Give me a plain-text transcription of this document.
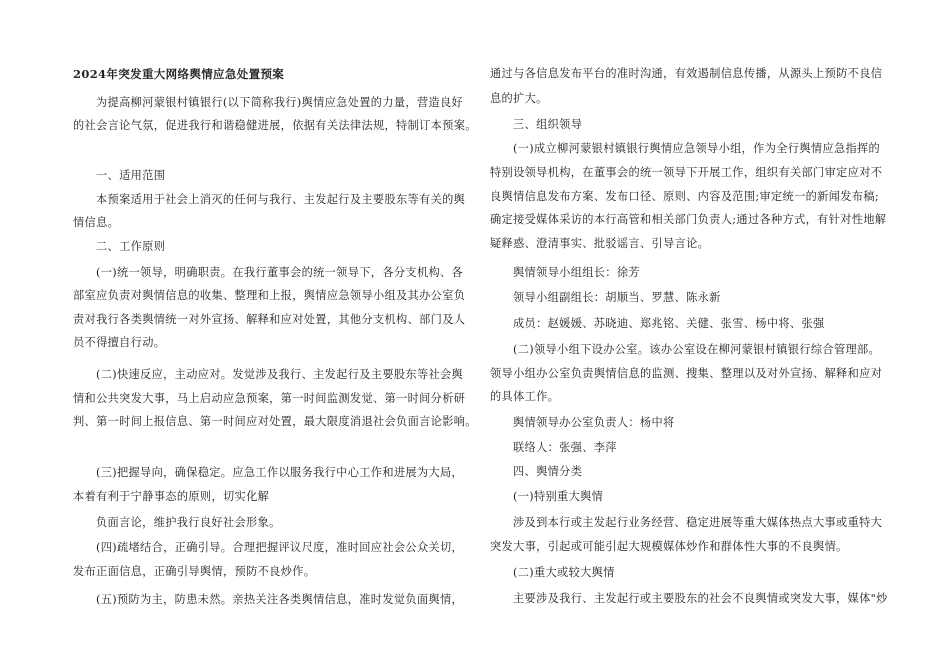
2024年突发重大网络舆情应急处置预案
为提高柳河蒙银村镇银行(以下简称我行)舆情应急处置的力量，营造良好
的社会言论气氛，促进我行和谐稳健进展，依据有关法律法规，特制订本预案。
一、适用范围
本预案适用于社会上消灭的任何与我行、主发起行及主要股东等有关的舆
情信息。
二、工作原则
(一)统一领导，明确职责。在我行董事会的统一领导下，各分支机构、各
部室应负责对舆情信息的收集、整理和上报，舆情应急领导小组及其办公室负
责对我行各类舆情统一对外宣扬、解释和应对处置，其他分支机构、部门及人
员不得擅自行动。
(二)快速反应，主动应对。发觉涉及我行、主发起行及主要股东等社会舆
情和公共突发大事，马上启动应急预案，第一时间监测发觉、第一时间分析研
判、第一时间上报信息、第一时间应对处置，最大限度消退社会负面言论影响。
(三)把握导向，确保稳定。应急工作以服务我行中心工作和进展为大局，
本着有利于宁静事态的原则，切实化解
负面言论，维护我行良好社会形象。
(四)疏堵结合，正确引导。合理把握评议尺度，准时回应社会公众关切，
发布正面信息，正确引导舆情，预防不良炒作。
(五)预防为主，防患未然。亲热关注各类舆情信息，准时发觉负面舆情，
通过与各信息发布平台的准时沟通，有效遏制信息传播，从源头上预防不良信
息的扩大。
三、组织领导
(一)成立柳河蒙银村镇银行舆情应急领导小组，作为全行舆情应急指挥的
特别设领导机构，在董事会的统一领导下开展工作，组织有关部门审定应对不
良舆情信息发布方案、发布口径、原则、内容及范围;审定统一的新闻发布稿;
确定接受媒体采访的本行高管和相关部门负责人;通过各种方式，有针对性地解
疑释惑、澄清事实、批驳谣言、引导言论。
舆情领导小组组长：徐芳
领导小组副组长：胡顺当、罗慧、陈永新
成员：赵媛媛、苏晓迪、郑兆铭、关健、张雪、杨中将、张强
(二)领导小组下设办公室。该办公室设在柳河蒙银村镇银行综合管理部。
领导小组办公室负责舆情信息的监测、搜集、整理以及对外宣扬、解释和应对
的具体工作。
舆情领导办公室负责人：杨中将
联络人：张强、李萍
四、舆情分类
(一)特别重大舆情
涉及到本行或主发起行业务经营、稳定进展等重大媒体热点大事或重特大
突发大事，引起或可能引起大规模媒体炒作和群体性大事的不良舆情。
(二)重大或较大舆情
主要涉及我行、主发起行或主要股东的社会不良舆情或突发大事，媒体"炒
